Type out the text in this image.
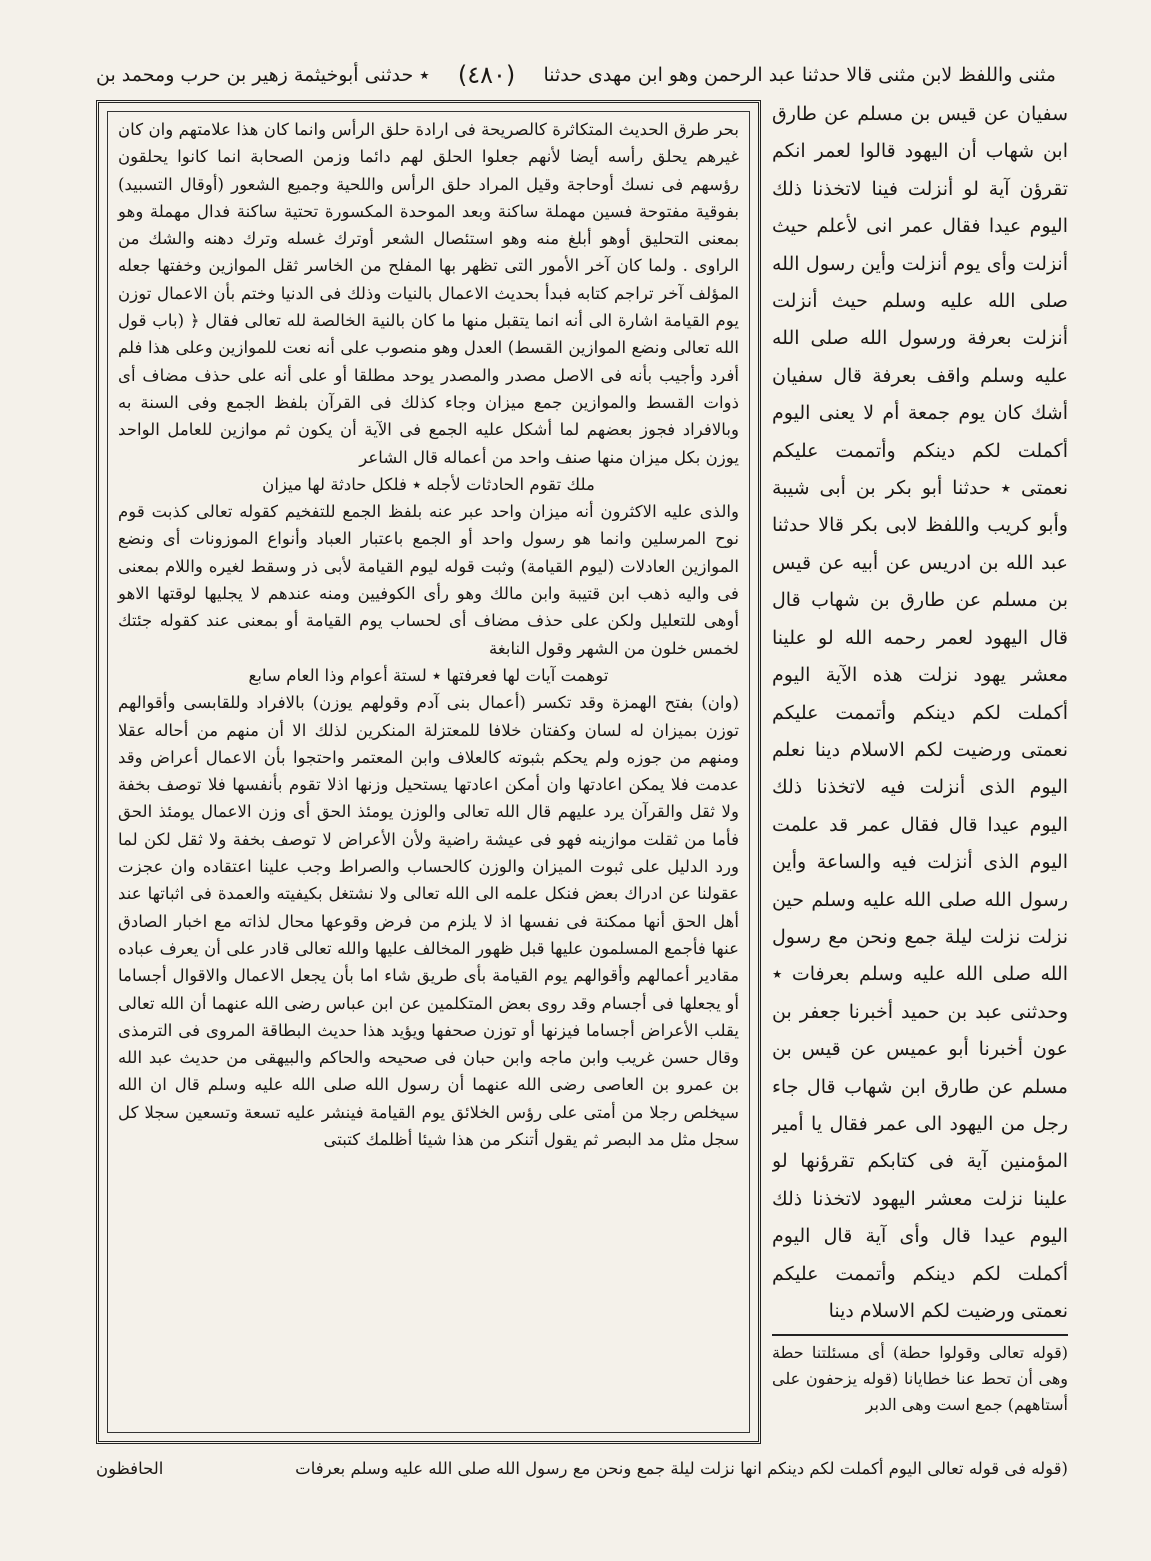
٭ حدثنى أبوخيثمة زهير بن حرب ومحمد بن (٤٨٠) مثنى واللفظ لابن مثنى قالا حدثنا عبد الرحمن وهو ابن مهدى حدثنا

بحر طرق الحديث المتكاثرة كالصريحة فى ارادة حلق الرأس وانما كان هذا علامتهم وان كان غيرهم يحلق رأسه أيضا لأنهم جعلوا الحلق لهم دائما وزمن الصحابة انما كانوا يحلقون رؤسهم فى نسك أوحاجة وقيل المراد حلق الرأس واللحية وجميع الشعور (أوقال التسبيد) بفوقية مفتوحة فسين مهملة ساكنة وبعد الموحدة المكسورة تحتية ساكنة فدال مهملة وهو بمعنى التحليق أوهو أبلغ منه وهو استئصال الشعر أوترك غسله وترك دهنه والشك من الراوى . ولما كان آخر الأمور التى تظهر بها المفلح من الخاسر ثقل الموازين وخفتها جعله المؤلف آخر تراجم كتابه فبدأ بحديث الاعمال بالنيات وذلك فى الدنيا وختم بأن الاعمال توزن يوم القيامة اشارة الى أنه انما يتقبل منها ما كان بالنية الخالصة لله تعالى فقال ﴿ (باب قول الله تعالى ونضع الموازين القسط) العدل وهو منصوب على أنه نعت للموازين وعلى هذا فلم أفرد وأجيب بأنه فى الاصل مصدر والمصدر يوحد مطلقا أو على أنه على حذف مضاف أى ذوات القسط والموازين جمع ميزان وجاء كذلك فى القرآن بلفظ الجمع وفى السنة به وبالافراد فجوز بعضهم لما أشكل عليه الجمع فى الآية أن يكون ثم موازين للعامل الواحد يوزن بكل ميزان منها صنف واحد من أعماله قال الشاعر

ملك تقوم الحادثات لأجله ٭ فلكل حادثة لها ميزان

والذى عليه الاكثرون أنه ميزان واحد عبر عنه بلفظ الجمع للتفخيم كقوله تعالى كذبت قوم نوح المرسلين وانما هو رسول واحد أو الجمع باعتبار العباد وأنواع الموزونات أى ونضع الموازين العادلات (ليوم القيامة) وثبت قوله ليوم القيامة لأبى ذر وسقط لغيره واللام بمعنى فى واليه ذهب ابن قتيبة وابن مالك وهو رأى الكوفيين ومنه عندهم لا يجليها لوقتها الاهو أوهى للتعليل ولكن على حذف مضاف أى لحساب يوم القيامة أو بمعنى عند كقوله جئتك لخمس خلون من الشهر وقول النابغة

توهمت آيات لها فعرفتها ٭ لستة أعوام وذا العام سابع

(وان) بفتح الهمزة وقد تكسر (أعمال بنى آدم وقولهم يوزن) بالافراد وللقابسى وأقوالهم توزن بميزان له لسان وكفتان خلافا للمعتزلة المنكرين لذلك الا أن منهم من أحاله عقلا ومنهم من جوزه ولم يحكم بثبوته كالعلاف وابن المعتمر واحتجوا بأن الاعمال أعراض وقد عدمت فلا يمكن اعادتها وان أمكن اعادتها يستحيل وزنها اذلا تقوم بأنفسها فلا توصف بخفة ولا ثقل والقرآن يرد عليهم قال الله تعالى والوزن يومئذ الحق أى وزن الاعمال يومئذ الحق فأما من ثقلت موازينه فهو فى عيشة راضية ولأن الأعراض لا توصف بخفة ولا ثقل لكن لما ورد الدليل على ثبوت الميزان والوزن كالحساب والصراط وجب علينا اعتقاده وان عجزت عقولنا عن ادراك بعض فنكل علمه الى الله تعالى ولا نشتغل بكيفيته والعمدة فى اثباتها عند أهل الحق أنها ممكنة فى نفسها اذ لا يلزم من فرض وقوعها محال لذاته مع اخبار الصادق عنها فأجمع المسلمون عليها قبل ظهور المخالف عليها والله تعالى قادر على أن يعرف عباده مقادير أعمالهم وأقوالهم يوم القيامة بأى طريق شاء اما بأن يجعل الاعمال والاقوال أجساما أو يجعلها فى أجسام وقد روى بعض المتكلمين عن ابن عباس رضى الله عنهما أن الله تعالى يقلب الأعراض أجساما فيزنها أو توزن صحفها ويؤيد هذا حديث البطاقة المروى فى الترمذى وقال حسن غريب وابن ماجه وابن حبان فى صحيحه والحاكم والبيهقى من حديث عبد الله بن عمرو بن العاصى رضى الله عنهما أن رسول الله صلى الله عليه وسلم قال ان الله سيخلص رجلا من أمتى على رؤس الخلائق يوم القيامة فينشر عليه تسعة وتسعين سجلا كل سجل مثل مد البصر ثم يقول أتنكر من هذا شيئا أظلمك كتبتى

سفيان عن قيس بن مسلم عن طارق ابن شهاب أن اليهود قالوا لعمر انكم تقرؤن آية لو أنزلت فينا لاتخذنا ذلك اليوم عيدا فقال عمر انى لأعلم حيث أنزلت وأى يوم أنزلت وأين رسول الله صلى الله عليه وسلم حيث أنزلت أنزلت بعرفة ورسول الله صلى الله عليه وسلم واقف بعرفة قال سفيان أشك كان يوم جمعة أم لا يعنى اليوم أكملت لكم دينكم وأتممت عليكم نعمتى ٭ حدثنا أبو بكر بن أبى شيبة وأبو كريب واللفظ لابى بكر قالا حدثنا عبد الله بن ادريس عن أبيه عن قيس بن مسلم عن طارق بن شهاب قال قال اليهود لعمر رحمه الله لو علينا معشر يهود نزلت هذه الآية اليوم أكملت لكم دينكم وأتممت عليكم نعمتى ورضيت لكم الاسلام دينا نعلم اليوم الذى أنزلت فيه لاتخذنا ذلك اليوم عيدا قال فقال عمر قد علمت اليوم الذى أنزلت فيه والساعة وأين رسول الله صلى الله عليه وسلم حين نزلت نزلت ليلة جمع ونحن مع رسول الله صلى الله عليه وسلم بعرفات ٭ وحدثنى عبد بن حميد أخبرنا جعفر بن عون أخبرنا أبو عميس عن قيس بن مسلم عن طارق ابن شهاب قال جاء رجل من اليهود الى عمر فقال يا أمير المؤمنين آية فى كتابكم تقرؤنها لو علينا نزلت معشر اليهود لاتخذنا ذلك اليوم عيدا قال وأى آية قال اليوم أكملت لكم دينكم وأتممت عليكم نعمتى ورضيت لكم الاسلام دينا
(قوله تعالى وقولوا حطة) أى مسئلتنا حطة وهى أن تحط عنا خطايانا (قوله يزحفون على أستاههم) جمع است وهى الدبر
(قوله فى قوله تعالى اليوم أكملت لكم دينكم انها نزلت ليلة جمع ونحن مع رسول الله صلى الله عليه وسلم بعرفات
الحافظون
